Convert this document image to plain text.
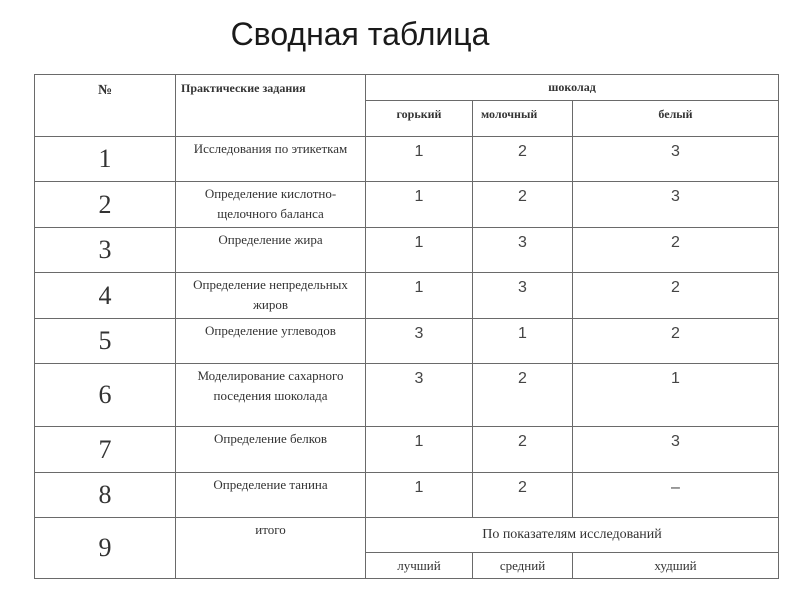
Сводная таблица
№	Практические задания	шоколад		
		горький	молочный	белый
1	Исследования по этикеткам	1	2	3
2	Определение кислотно-щелочного баланса	1	2	3
3	Определение жира	1	3	2
4	Определение непредельных жиров	1	3	2
5	Определение углеводов	3	1	2
6	Моделирование сахарного поседения шоколада	3	2	1
7	Определение белков	1	2	3
8	Определение танина	1	2	–
9	итого	По показателям исследований		
		лучший	средний	худший
